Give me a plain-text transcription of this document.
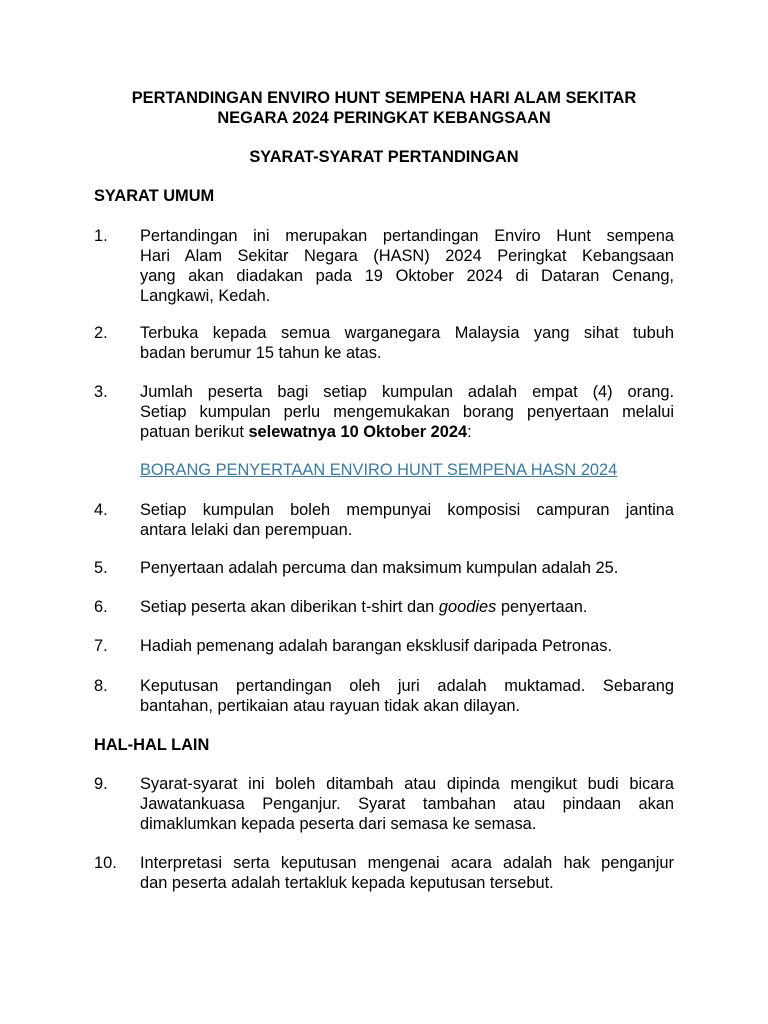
PERTANDINGAN ENVIRO HUNT SEMPENA HARI ALAM SEKITAR
NEGARA 2024 PERINGKAT KEBANGSAAN
SYARAT-SYARAT PERTANDINGAN
SYARAT UMUM
1.	Pertandingan ini merupakan pertandingan Enviro Hunt sempena
Hari Alam Sekitar Negara (HASN) 2024 Peringkat Kebangsaan
yang akan diadakan pada 19 Oktober 2024 di Dataran Cenang,
Langkawi, Kedah.
2.	Terbuka kepada semua warganegara Malaysia yang sihat tubuh
badan berumur 15 tahun ke atas.
3.	Jumlah peserta bagi setiap kumpulan adalah empat (4) orang.
Setiap kumpulan perlu mengemukakan borang penyertaan melalui
patuan berikut selewatnya 10 Oktober 2024:
BORANG PENYERTAAN ENVIRO HUNT SEMPENA HASN 2024
4.	Setiap kumpulan boleh mempunyai komposisi campuran jantina
antara lelaki dan perempuan.
5.	Penyertaan adalah percuma dan maksimum kumpulan adalah 25.
6.	Setiap peserta akan diberikan t-shirt dan goodies penyertaan.
7.	Hadiah pemenang adalah barangan eksklusif daripada Petronas.
8.	Keputusan pertandingan oleh juri adalah muktamad. Sebarang
bantahan, pertikaian atau rayuan tidak akan dilayan.
HAL-HAL LAIN
9.	Syarat-syarat ini boleh ditambah atau dipinda mengikut budi bicara
Jawatankuasa Penganjur. Syarat tambahan atau pindaan akan
dimaklumkan kepada peserta dari semasa ke semasa.
10.	Interpretasi serta keputusan mengenai acara adalah hak penganjur
dan peserta adalah tertakluk kepada keputusan tersebut.
